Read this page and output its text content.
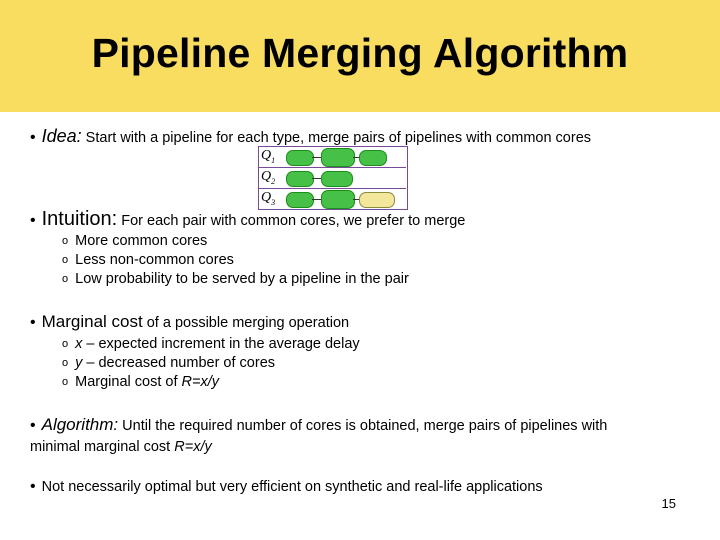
Pipeline Merging Algorithm
• Idea: Start with a pipeline for each type, merge pairs of pipelines with common cores
$Q_1$
$Q_2$
$Q_3$
• Intuition: For each pair with common cores, we prefer to merge
o More common cores
o Less non-common cores
o Low probability to be served by a pipeline in the pair
• Marginal cost of a possible merging operation
o x – expected increment in the average delay
o y – decreased number of cores
o Marginal cost of R=x/y
• Algorithm: Until the required number of cores is obtained, merge pairs of pipelines with
minimal marginal cost R=x/y
• Not necessarily optimal but very efficient on synthetic and real-life applications
15
